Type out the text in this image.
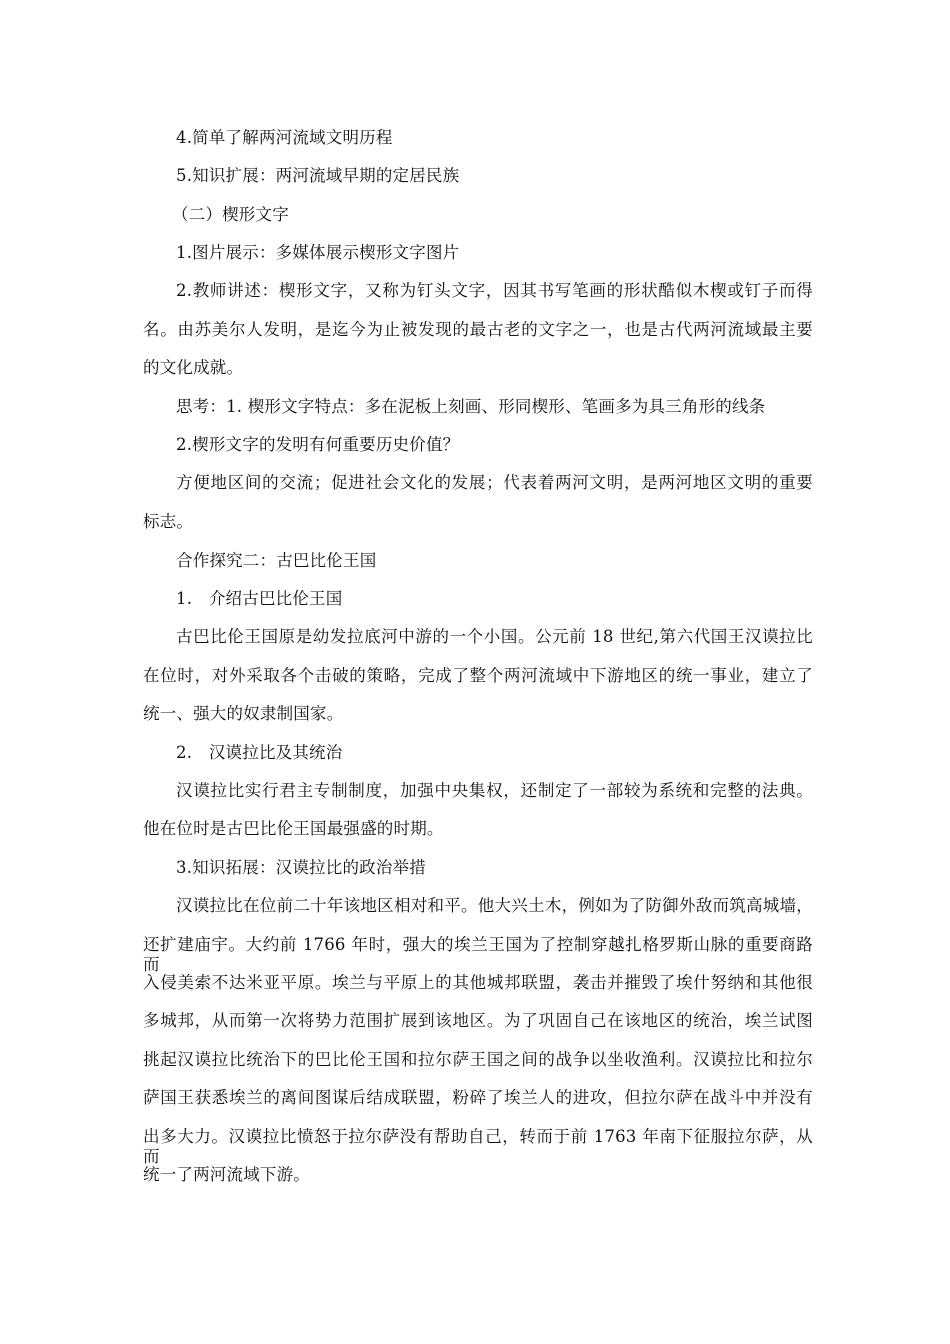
4.简单了解两河流域文明历程
5.知识扩展：两河流域早期的定居民族
（二）楔形文字
1.图片展示：多媒体展示楔形文字图片
2.教师讲述：楔形文字，又称为钉头文字，因其书写笔画的形状酷似木楔或钉子而得
名。由苏美尔人发明，是迄今为止被发现的最古老的文字之一，也是古代两河流域最主要
的文化成就。
思考：1. 楔形文字特点：多在泥板上刻画、形同楔形、笔画多为具三角形的线条
2.楔形文字的发明有何重要历史价值？
方便地区间的交流；促进社会文化的发展；代表着两河文明，是两河地区文明的重要
标志。
合作探究二：古巴比伦王国
1.　介绍古巴比伦王国
古巴比伦王国原是幼发拉底河中游的一个小国。公元前 18 世纪,第六代国王汉谟拉比
在位时，对外采取各个击破的策略，完成了整个两河流域中下游地区的统一事业，建立了
统一、强大的奴隶制国家。
2.　汉谟拉比及其统治
汉谟拉比实行君主专制制度，加强中央集权，还制定了一部较为系统和完整的法典。
他在位时是古巴比伦王国最强盛的时期。
3.知识拓展：汉谟拉比的政治举措
汉谟拉比在位前二十年该地区相对和平。他大兴土木，例如为了防御外敌而筑高城墙，
还扩建庙宇。大约前 1766 年时，强大的埃兰王国为了控制穿越扎格罗斯山脉的重要商路而
入侵美索不达米亚平原。埃兰与平原上的其他城邦联盟，袭击并摧毁了埃什努纳和其他很
多城邦，从而第一次将势力范围扩展到该地区。为了巩固自己在该地区的统治，埃兰试图
挑起汉谟拉比统治下的巴比伦王国和拉尔萨王国之间的战争以坐收渔利。汉谟拉比和拉尔
萨国王获悉埃兰的离间图谋后结成联盟，粉碎了埃兰人的进攻，但拉尔萨在战斗中并没有
出多大力。汉谟拉比愤怒于拉尔萨没有帮助自己，转而于前 1763 年南下征服拉尔萨，从而
统一了两河流域下游。
